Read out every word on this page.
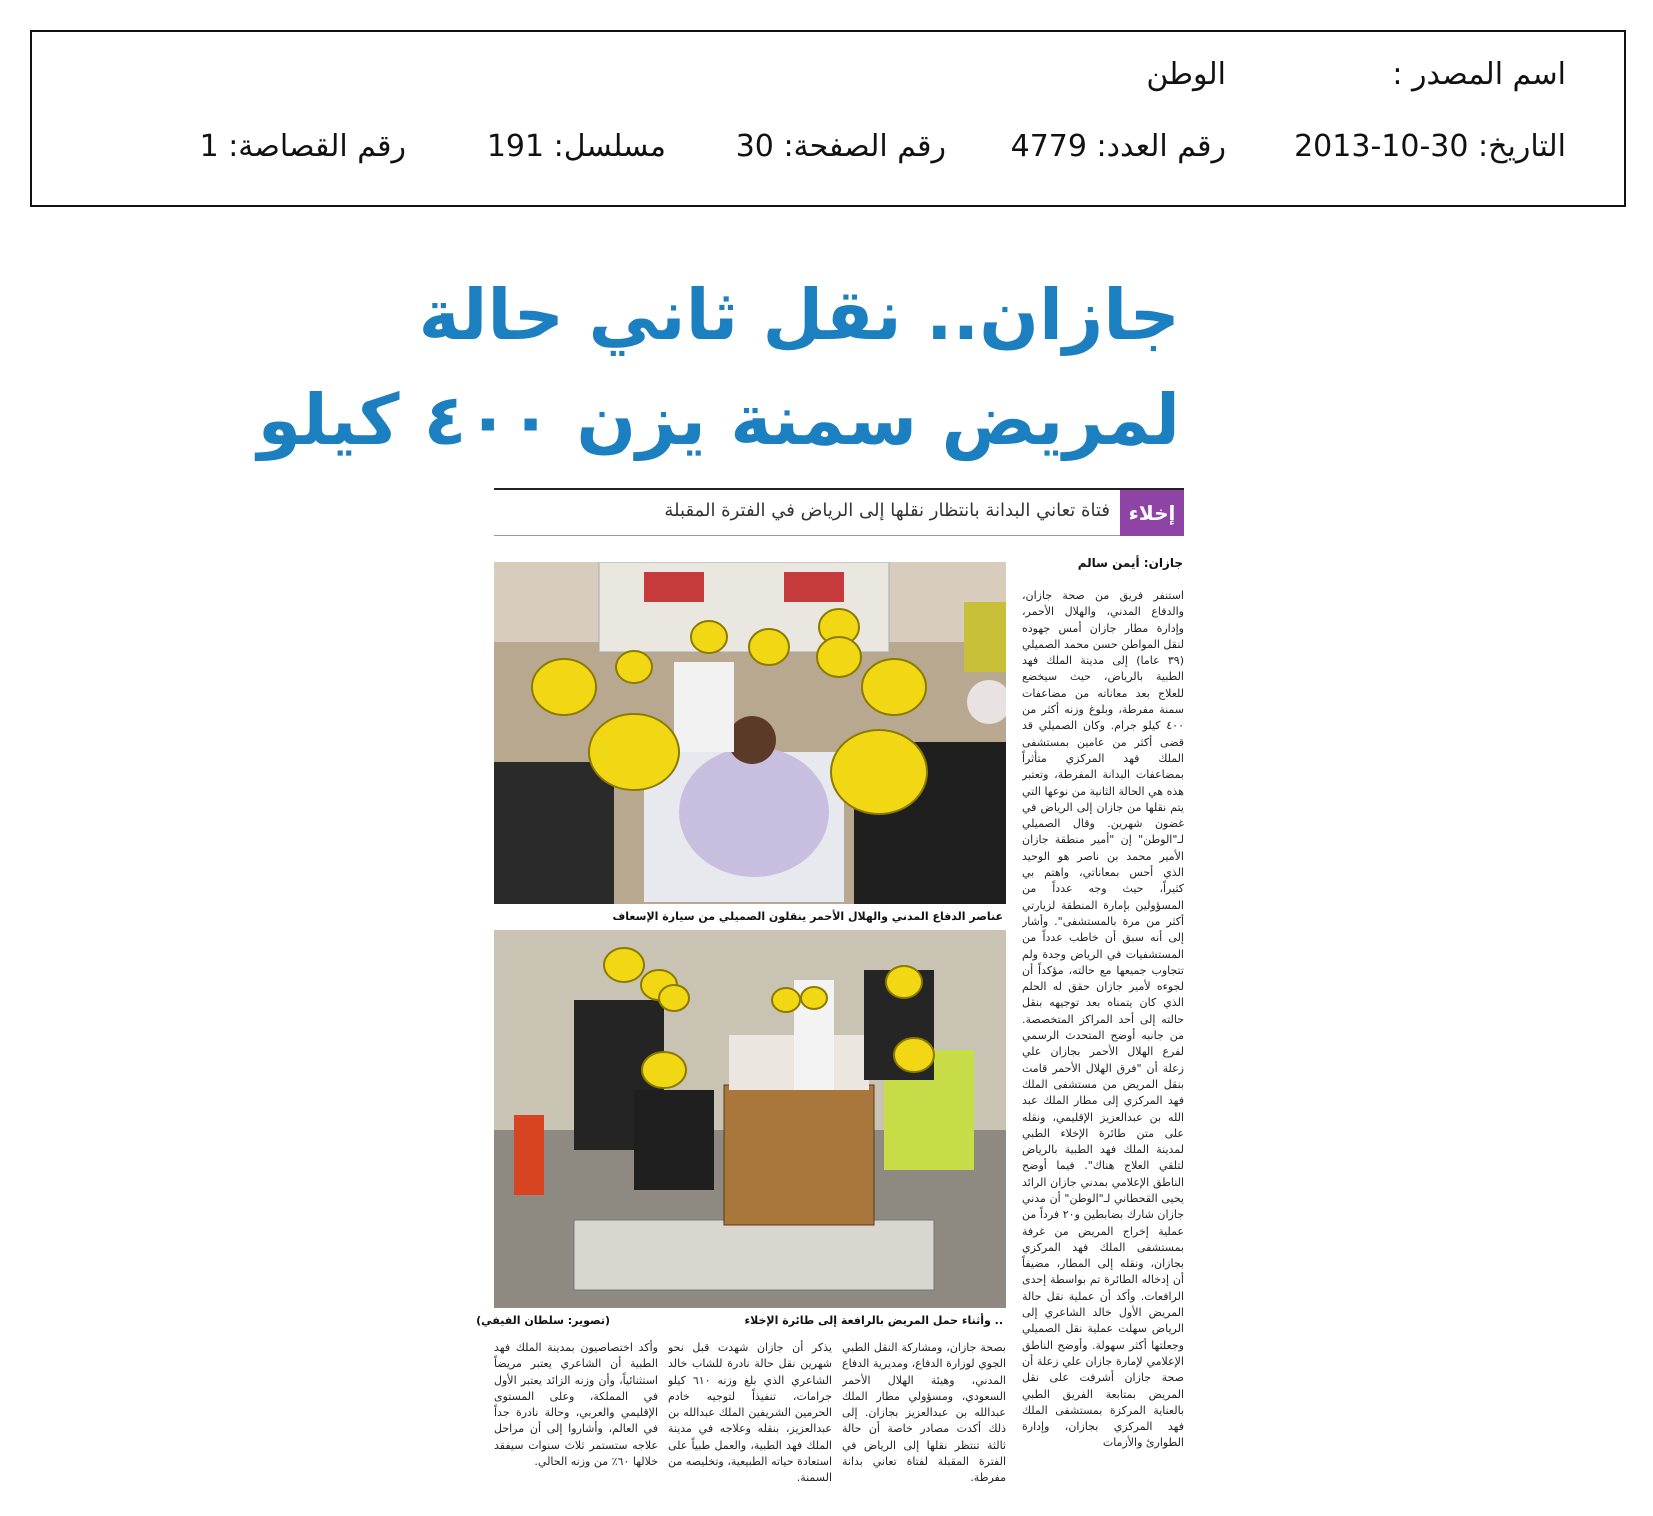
اسم المصدر :
الوطن
التاريخ: 30-10-2013
رقم العدد: 4779
رقم الصفحة: 30
مسلسل: 191
رقم القصاصة: 1
جازان.. نقل ثاني حالة
لمريض سمنة يزن ٤٠٠ كيلو
إخلاء
فتاة تعاني البدانة بانتظار نقلها إلى الرياض في الفترة المقبلة
جازان: أيمن سالم
عناصر الدفاع المدني والهلال الأحمر ينقلون الصميلي من سيارة الإسعاف
.. وأثناء حمل المريض بالرافعة إلى طائرة الإخلاء
(تصوير: سلطان الفيفي)

استنفر فريق من صحة جازان، والدفاع المدني، والهلال الأحمر، وإدارة مطار جازان أمس جهوده لنقل المواطن حسن محمد الصميلي (٣٩ عاما) إلى مدينة الملك فهد الطبية بالرياض، حيث سيخضع للعلاج بعد معاناته من مضاعفات سمنة مفرطة، وبلوغ وزنه أكثر من ٤٠٠ كيلو جرام. وكان الصميلي قد قضى أكثر من عامين بمستشفى الملك فهد المركزي متأثراً بمضاعفات البدانة المفرطة، وتعتبر هذه هي الحالة الثانية من نوعها التي يتم نقلها من جازان إلى الرياض في غضون شهرين. وقال الصميلي لـ"الوطن" إن "أمير منطقة جازان الأمير محمد بن ناصر هو الوحيد الذي أحس بمعاناتي، واهتم بي كثيراً، حيث وجه عدداً من المسؤولين بإمارة المنطقة لزيارتي أكثر من مرة بالمستشفى". وأشار إلى أنه سبق أن خاطب عدداً من المستشفيات في الرياض وجدة ولم تتجاوب جميعها مع حالته، مؤكداً أن لجوءه لأمير جازان حقق له الحلم الذي كان يتمناه بعد توجيهه بنقل حالته إلى أحد المراكز المتخصصة. من جانبه أوضح المتحدث الرسمي لفرع الهلال الأحمر بجازان علي زعلة أن "فرق الهلال الأحمر قامت بنقل المريض من مستشفى الملك فهد المركزي إلى مطار الملك عبد الله بن عبدالعزيز الإقليمي، ونقله على متن طائرة الإخلاء الطبي لمدينة الملك فهد الطبية بالرياض لتلقي العلاج هناك". فيما أوضح الناطق الإعلامي بمدني جازان الرائد يحيى القحطاني لـ"الوطن" أن مدني جازان شارك بضابطين و٢٠ فرداً من عملية إخراج المريض من غرفة بمستشفى الملك فهد المركزي بجازان، ونقله إلى المطار، مضيفاً أن إدخاله الطائرة تم بواسطة إحدى الرافعات. وأكد أن عملية نقل حالة المريض الأول خالد الشاعري إلى الرياض سهلت عملية نقل الصميلي وجعلتها أكثر سهولة. وأوضح الناطق الإعلامي لإمارة جازان علي زعلة أن صحة جازان أشرفت على نقل المريض بمتابعة الفريق الطبي بالعناية المركزة بمستشفى الملك فهد المركزي بجازان، وإدارة الطوارئ والأزمات

بصحة جازان، ومشاركة النقل الطبي الجوي لوزارة الدفاع، ومديرية الدفاع المدني، وهيئة الهلال الأحمر السعودي، ومسؤولي مطار الملك عبدالله بن عبدالعزيز بجازان. إلى ذلك أكدت مصادر خاصة أن حالة ثالثة تنتظر نقلها إلى الرياض في الفترة المقبلة لفتاة تعاني بدانة مفرطة.

يذكر أن جازان شهدت قبل نحو شهرين نقل حالة نادرة للشاب خالد الشاعري الذي بلغ وزنه ٦١٠ كيلو جرامات، تنفيذاً لتوجيه خادم الحرمين الشريفين الملك عبدالله بن عبدالعزيز، بنقله وعلاجه في مدينة الملك فهد الطبية، والعمل طبياً على استعادة حياته الطبيعية، وتخليصه من السمنة.

وأكد اختصاصيون بمدينة الملك فهد الطبية أن الشاعري يعتبر مريضاً استثنائياً، وأن وزنه الزائد يعتبر الأول في المملكة، وعلى المستوى الإقليمي والعربي، وحالة نادرة جداً في العالم، وأشاروا إلى أن مراحل علاجه ستستمر ثلاث سنوات سيفقد خلالها ٦٠٪ من وزنه الحالي.
